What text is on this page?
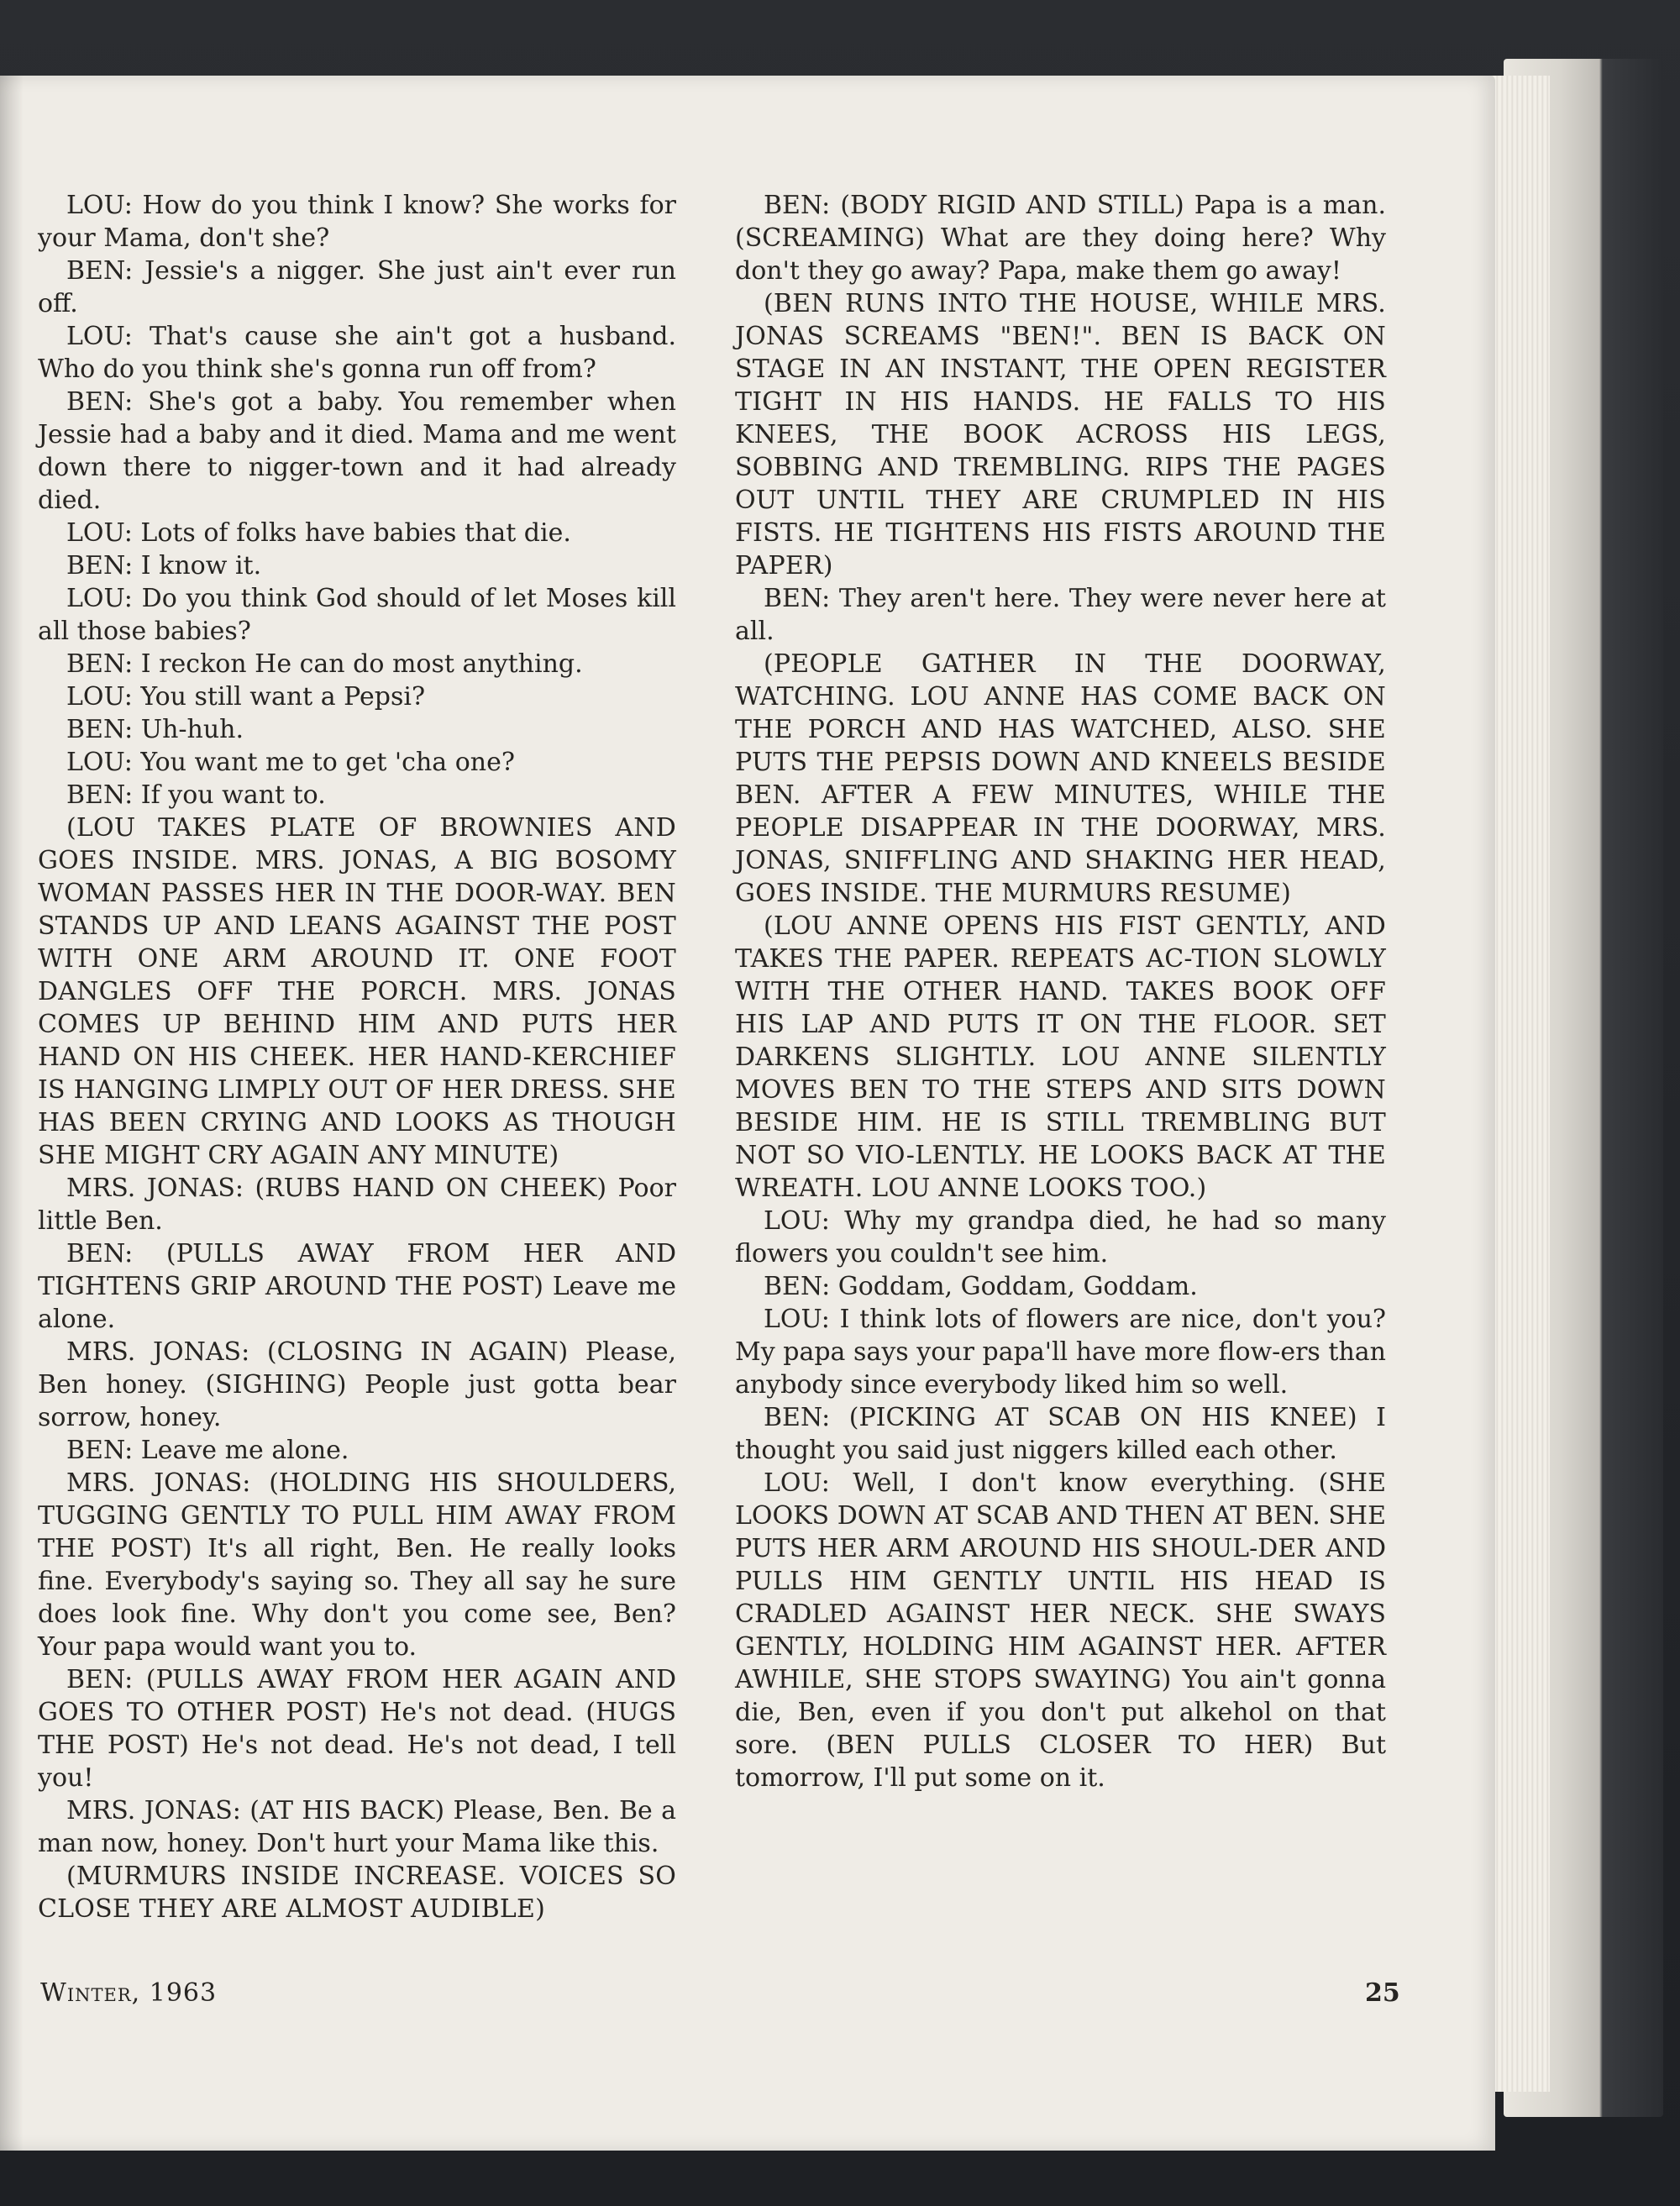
LOU: How do you think I know? She works for your Mama, don't she?

BEN: Jessie's a nigger. She just ain't ever run off.

LOU: That's cause she ain't got a husband. Who do you think she's gonna run off from?

BEN: She's got a baby. You remember when Jessie had a baby and it died. Mama and me went down there to nigger-town and it had already died.

LOU: Lots of folks have babies that die.

BEN: I know it.

LOU: Do you think God should of let Moses kill all those babies?

BEN: I reckon He can do most anything.

LOU: You still want a Pepsi?

BEN: Uh-huh.

LOU: You want me to get 'cha one?

BEN: If you want to.

(LOU TAKES PLATE OF BROWNIES AND GOES INSIDE. MRS. JONAS, A BIG BOSOMY WOMAN PASSES HER IN THE DOOR-WAY. BEN STANDS UP AND LEANS AGAINST THE POST WITH ONE ARM AROUND IT. ONE FOOT DANGLES OFF THE PORCH. MRS. JONAS COMES UP BEHIND HIM AND PUTS HER HAND ON HIS CHEEK. HER HAND-KERCHIEF IS HANGING LIMPLY OUT OF HER DRESS. SHE HAS BEEN CRYING AND LOOKS AS THOUGH SHE MIGHT CRY AGAIN ANY MINUTE)

MRS. JONAS: (RUBS HAND ON CHEEK) Poor little Ben.

BEN: (PULLS AWAY FROM HER AND TIGHTENS GRIP AROUND THE POST) Leave me alone.

MRS. JONAS: (CLOSING IN AGAIN) Please, Ben honey. (SIGHING) People just gotta bear sorrow, honey.

BEN: Leave me alone.

MRS. JONAS: (HOLDING HIS SHOULDERS, TUGGING GENTLY TO PULL HIM AWAY FROM THE POST) It's all right, Ben. He really looks fine. Everybody's saying so. They all say he sure does look fine. Why don't you come see, Ben? Your papa would want you to.

BEN: (PULLS AWAY FROM HER AGAIN AND GOES TO OTHER POST) He's not dead. (HUGS THE POST) He's not dead. He's not dead, I tell you!

MRS. JONAS: (AT HIS BACK) Please, Ben. Be a man now, honey. Don't hurt your Mama like this.

(MURMURS INSIDE INCREASE. VOICES SO CLOSE THEY ARE ALMOST AUDIBLE)

BEN: (BODY RIGID AND STILL) Papa is a man. (SCREAMING) What are they doing here? Why don't they go away? Papa, make them go away!

(BEN RUNS INTO THE HOUSE, WHILE MRS. JONAS SCREAMS "BEN!". BEN IS BACK ON STAGE IN AN INSTANT, THE OPEN REGISTER TIGHT IN HIS HANDS. HE FALLS TO HIS KNEES, THE BOOK ACROSS HIS LEGS, SOBBING AND TREMBLING. RIPS THE PAGES OUT UNTIL THEY ARE CRUMPLED IN HIS FISTS. HE TIGHTENS HIS FISTS AROUND THE PAPER)

BEN: They aren't here. They were never here at all.

(PEOPLE GATHER IN THE DOORWAY, WATCHING. LOU ANNE HAS COME BACK ON THE PORCH AND HAS WATCHED, ALSO. SHE PUTS THE PEPSIS DOWN AND KNEELS BESIDE BEN. AFTER A FEW MINUTES, WHILE THE PEOPLE DISAPPEAR IN THE DOORWAY, MRS. JONAS, SNIFFLING AND SHAKING HER HEAD, GOES INSIDE. THE MURMURS RESUME)

(LOU ANNE OPENS HIS FIST GENTLY, AND TAKES THE PAPER. REPEATS AC-TION SLOWLY WITH THE OTHER HAND. TAKES BOOK OFF HIS LAP AND PUTS IT ON THE FLOOR. SET DARKENS SLIGHTLY. LOU ANNE SILENTLY MOVES BEN TO THE STEPS AND SITS DOWN BESIDE HIM. HE IS STILL TREMBLING BUT NOT SO VIO-LENTLY. HE LOOKS BACK AT THE WREATH. LOU ANNE LOOKS TOO.)

LOU: Why my grandpa died, he had so many flowers you couldn't see him.

BEN: Goddam, Goddam, Goddam.

LOU: I think lots of flowers are nice, don't you? My papa says your papa'll have more flow-ers than anybody since everybody liked him so well.

BEN: (PICKING AT SCAB ON HIS KNEE) I thought you said just niggers killed each other.

LOU: Well, I don't know everything. (SHE LOOKS DOWN AT SCAB AND THEN AT BEN. SHE PUTS HER ARM AROUND HIS SHOUL-DER AND PULLS HIM GENTLY UNTIL HIS HEAD IS CRADLED AGAINST HER NECK. SHE SWAYS GENTLY, HOLDING HIM AGAINST HER. AFTER AWHILE, SHE STOPS SWAYING) You ain't gonna die, Ben, even if you don't put alkehol on that sore. (BEN PULLS CLOSER TO HER) But tomorrow, I'll put some on it.

Winter, 1963	25
